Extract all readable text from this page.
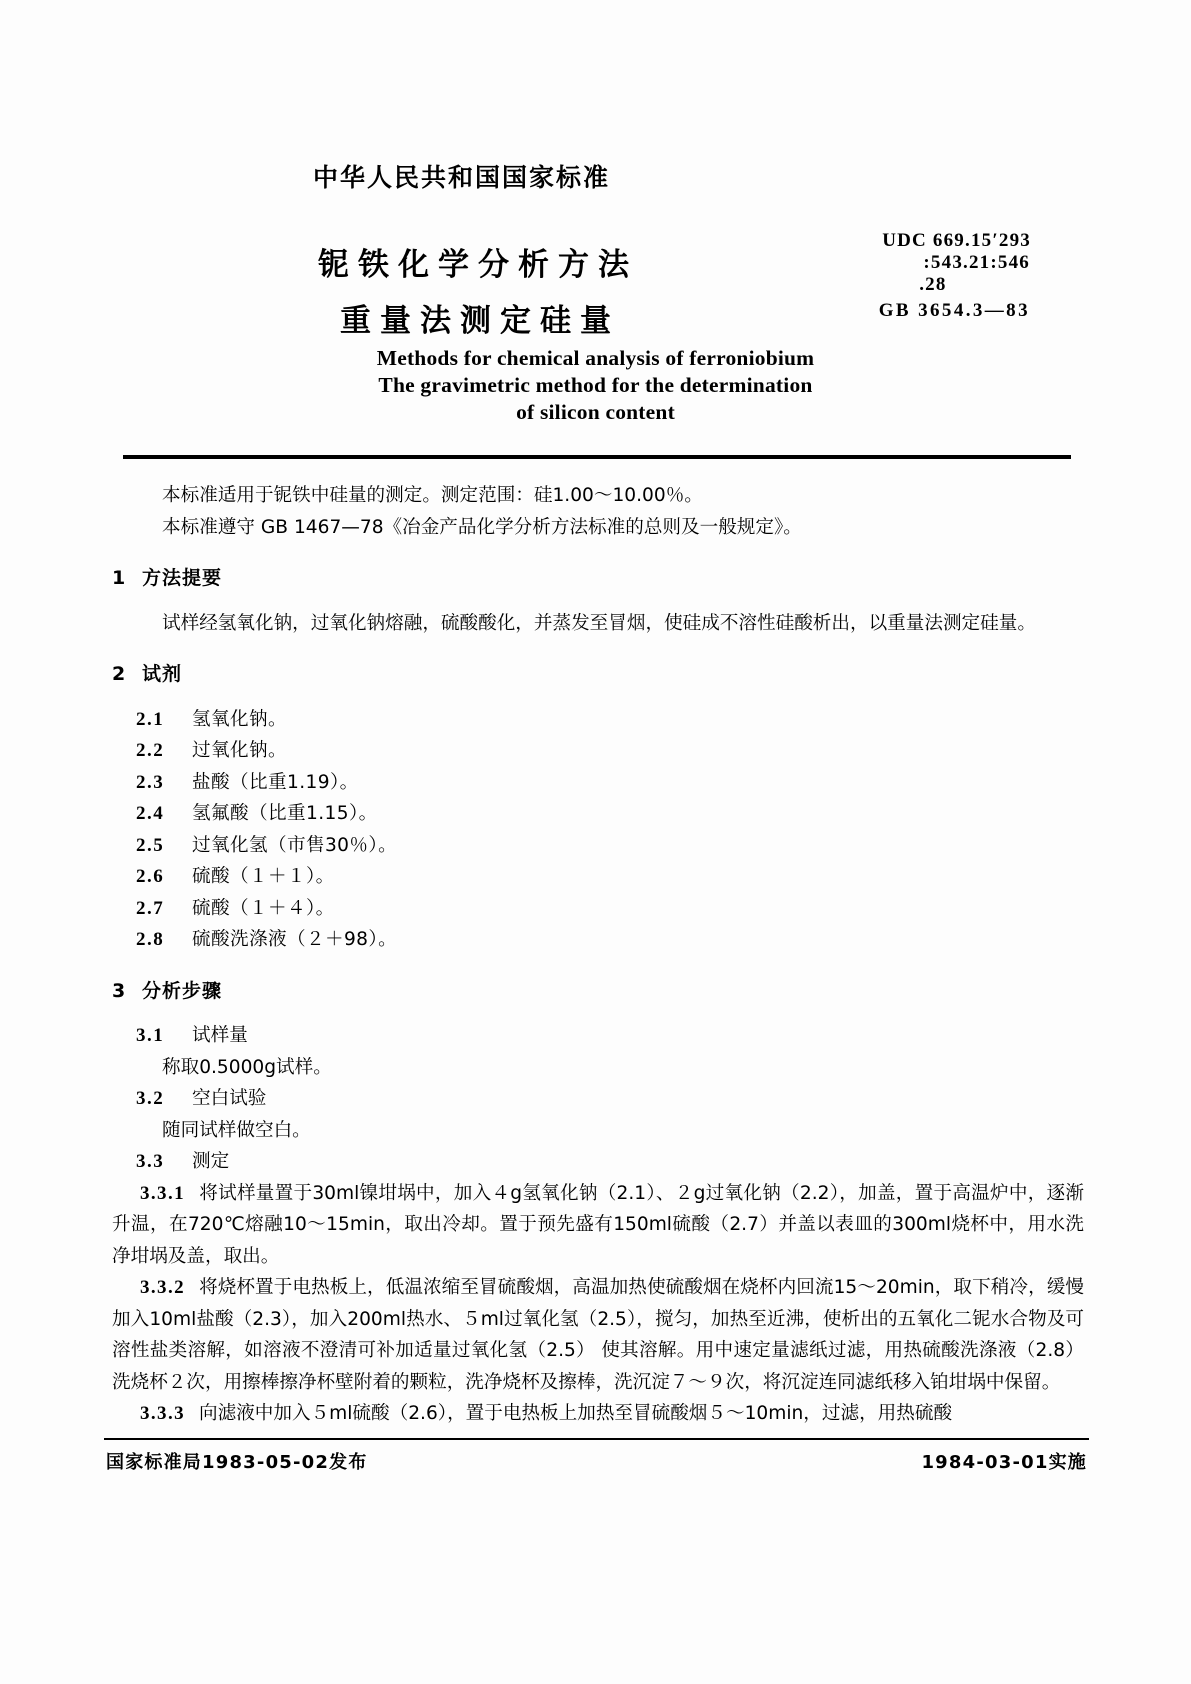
中华人民共和国国家标准
铌铁化学分析方法
重量法测定硅量
UDC 669.15′293
:543.21:546
.28
GB 3654.3—83
Methods for chemical analysis of ferroniobium
The gravimetric method for the determination
of silicon content

本标准适用于铌铁中硅量的测定。测定范围：硅1.00～10.00％。

本标准遵守 GB 1467—78《冶金产品化学分析方法标准的总则及一般规定》。

1 方法提要

试样经氢氧化钠，过氧化钠熔融，硫酸酸化，并蒸发至冒烟，使硅成不溶性硅酸析出，以重量法测定硅量。

2 试剂

2.1 氢氧化钠。

2.2 过氧化钠。

2.3 盐酸（比重1.19）。

2.4 氢氟酸（比重1.15）。

2.5 过氧化氢（市售30％）。

2.6 硫酸（１＋１）。

2.7 硫酸（１＋４）。

2.8 硫酸洗涤液（２＋98）。

3 分析步骤

3.1 试样量

称取0.5000g试样。

3.2 空白试验

随同试样做空白。

3.3 测定

3.3.1 将试样量置于30ml镍坩埚中，加入４g氢氧化钠（2.1）、２g过氧化钠（2.2），加盖，置于高温炉中，逐渐升温，在720℃熔融10～15min，取出冷却。置于预先盛有150ml硫酸（2.7）并盖以表皿的300ml烧杯中，用水洗净坩埚及盖，取出。

3.3.2 将烧杯置于电热板上，低温浓缩至冒硫酸烟，高温加热使硫酸烟在烧杯内回流15～20min，取下稍冷，缓慢加入10ml盐酸（2.3），加入200ml热水、５ml过氧化氢（2.5），搅匀，加热至近沸，使析出的五氧化二铌水合物及可溶性盐类溶解，如溶液不澄清可补加适量过氧化氢（2.5） 使其溶解。用中速定量滤纸过滤，用热硫酸洗涤液（2.8）洗烧杯２次，用擦棒擦净杯壁附着的颗粒，洗净烧杯及擦棒，洗沉淀７～９次，将沉淀连同滤纸移入铂坩埚中保留。

3.3.3 向滤液中加入５ml硫酸（2.6），置于电热板上加热至冒硫酸烟５～10min，过滤，用热硫酸

国家标准局1983-05-02发布	1984-03-01实施
